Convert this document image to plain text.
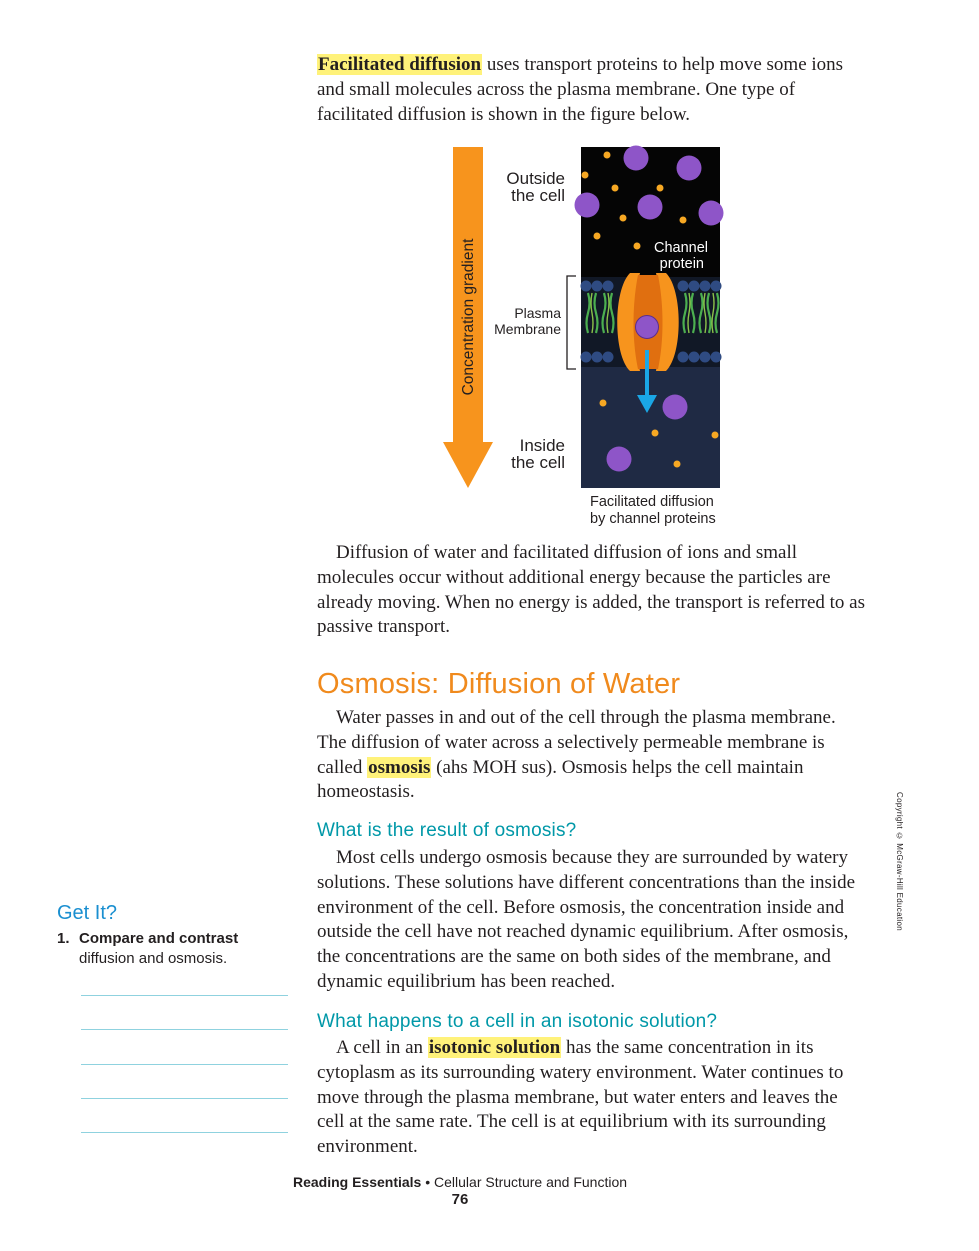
Facilitated diffusion uses transport proteins to help move some ions and small molecules across the plasma membrane. One type of facilitated diffusion is shown in the figure below.

Concentration gradient
Outside
the cell
Inside
the cell
Plasma
Membrane
Channel
protein
Facilitated diffusion
by channel proteins

Diffusion of water and facilitated diffusion of ions and small molecules occur without additional energy because the particles are already moving. When no energy is added, the transport is referred to as passive transport.

Osmosis: Diffusion of Water

Water passes in and out of the cell through the plasma membrane. The diffusion of water across a selectively permeable membrane is called osmosis (ahs MOH sus). Osmosis helps the cell maintain homeostasis.

What is the result of osmosis?

Most cells undergo osmosis because they are surrounded by watery solutions. These solutions have different concentrations than the inside environment of the cell. Before osmosis, the concentration inside and outside the cell have not reached dynamic equilibrium. After osmosis, the concentrations are the same on both sides of the membrane, and dynamic equilibrium has been reached.

What happens to a cell in an isotonic solution?

A cell in an isotonic solution has the same concentration in its cytoplasm as its surrounding watery environment. Water continues to move through the plasma membrane, but water enters and leaves the cell at the same rate. The cell is at equilibrium with its surrounding environment.

Get It?

1. Compare and contrast
diffusion and osmosis.

Copyright © McGraw-Hill Education
Reading Essentials • Cellular Structure and Function
76
